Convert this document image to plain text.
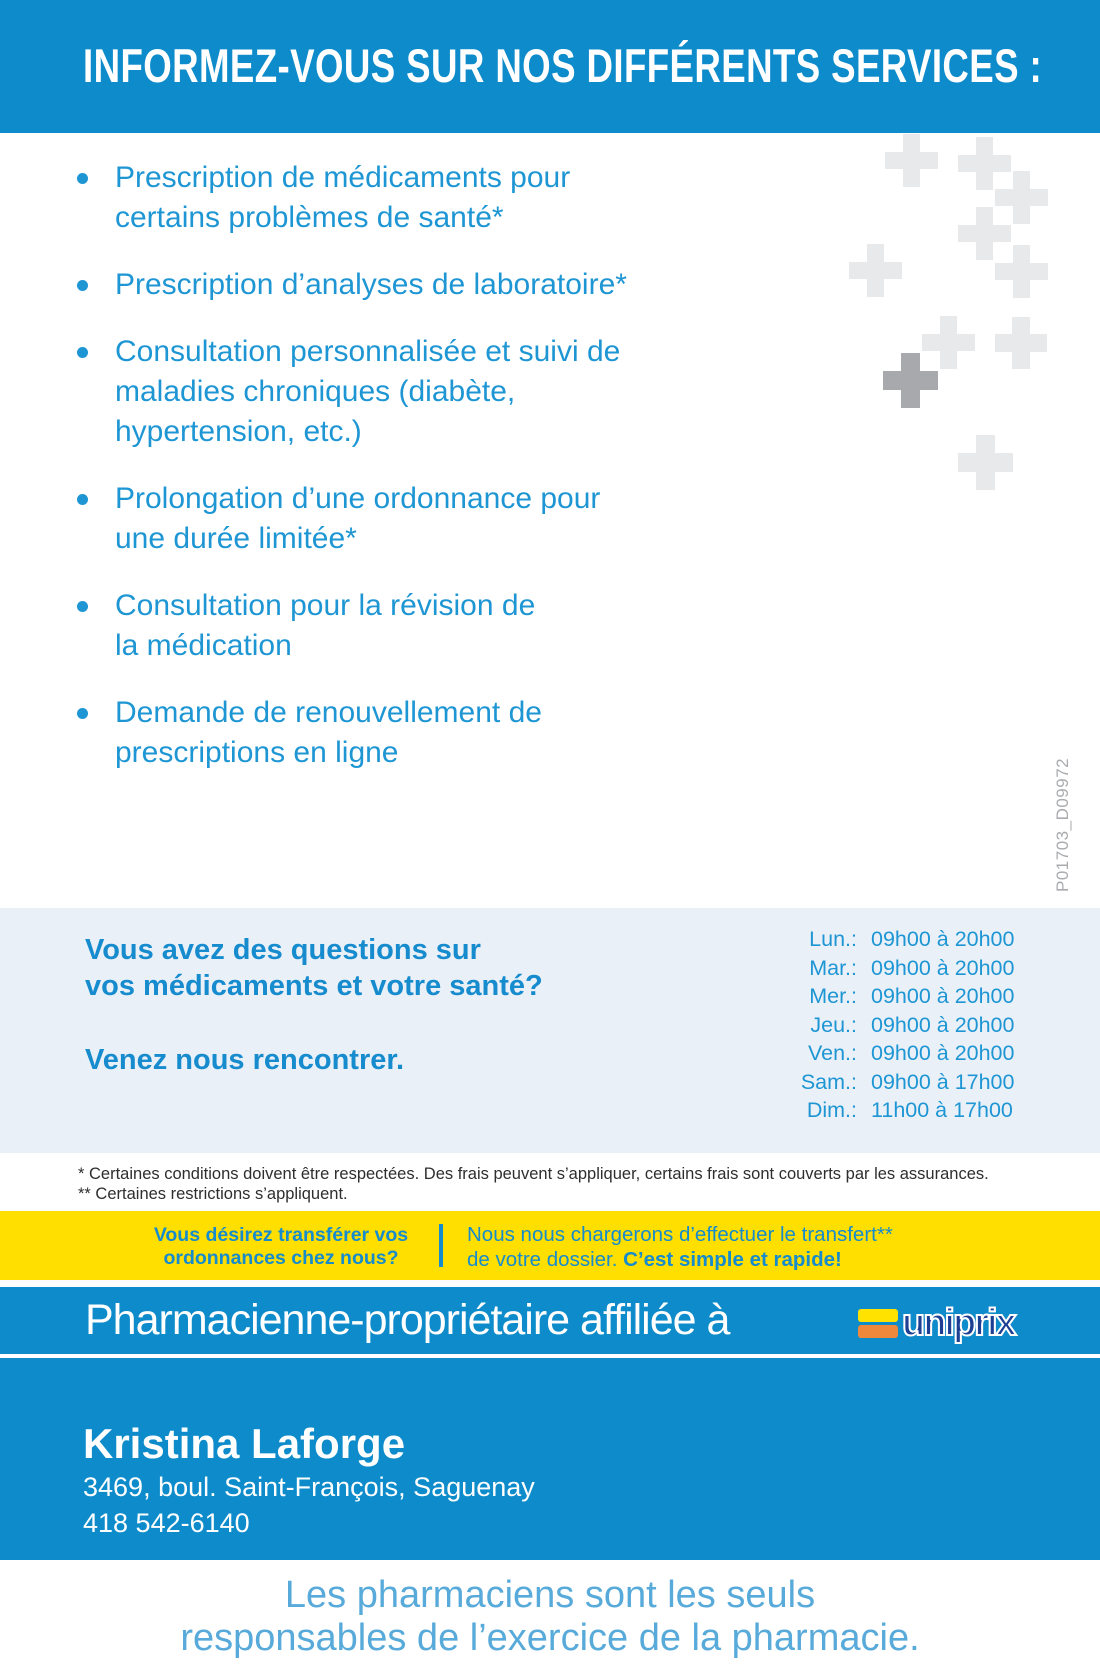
INFORMEZ-VOUS SUR NOS DIFFÉRENTS SERVICES :
Prescription de médicaments pour
certains problèmes de santé*
Prescription d’analyses de laboratoire*
Consultation personnalisée et suivi de
maladies chroniques (diabète,
hypertension, etc.)
Prolongation d’une ordonnance pour
une durée limitée*
Consultation pour la révision de
la médication
Demande de renouvellement de
prescriptions en ligne
P01703_D09972
Vous avez des questions sur
vos médicaments et votre santé?
Venez nous rencontrer.
Lun.: 09h00 à 20h00
Mar.: 09h00 à 20h00
Mer.: 09h00 à 20h00
Jeu.: 09h00 à 20h00
Ven.: 09h00 à 20h00
Sam.: 09h00 à 17h00
Dim.: 11h00 à 17h00
* Certaines conditions doivent être respectées. Des frais peuvent s’appliquer, certains frais sont couverts par les assurances.
** Certaines restrictions s’appliquent.
Vous désirez transférer vos
ordonnances chez nous?
Nous nous chargerons d’effectuer le transfert**
de votre dossier. C’est simple et rapide!
Pharmacienne-propriétaire affiliée à	uniprix
Kristina Laforge
3469, boul. Saint-François, Saguenay
418 542-6140
Les pharmaciens sont les seuls
responsables de l’exercice de la pharmacie.
